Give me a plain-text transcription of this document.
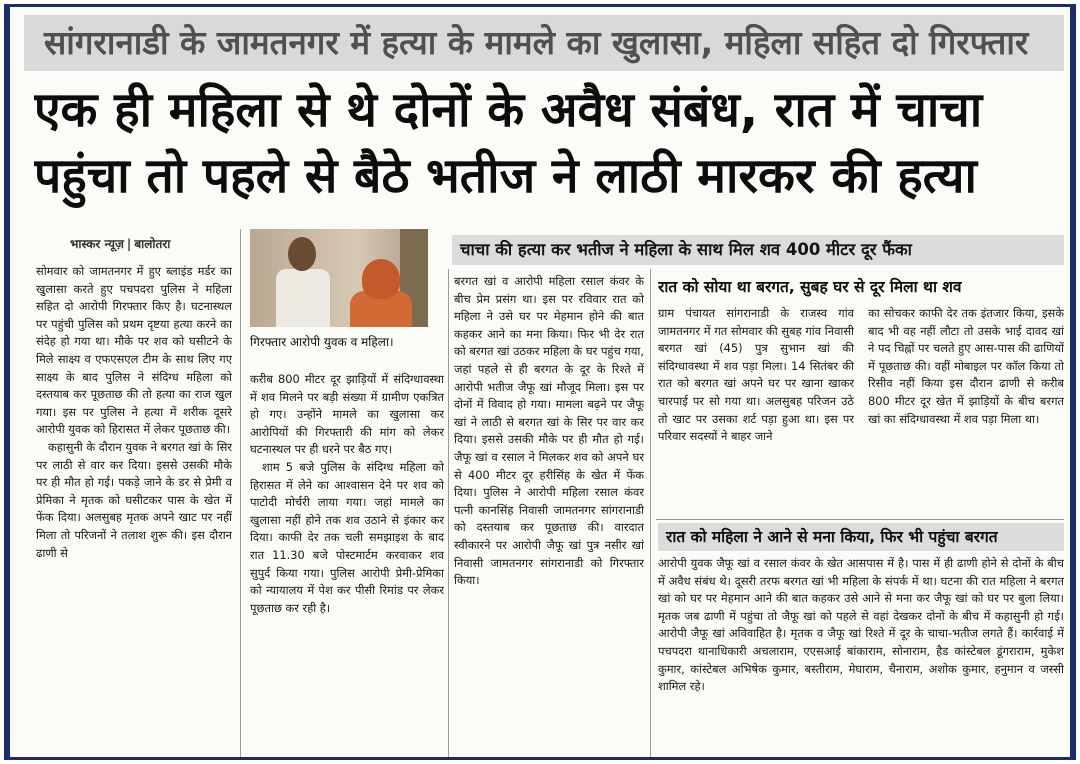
सांगरानाडी के जामतनगर में हत्या के मामले का खुलासा, महिला सहित दो गिरफ्तार
एक ही महिला से थे दोनों के अवैध संबंध, रात में चाचा
पहुंचा तो पहले से बैठे भतीज ने लाठी मारकर की हत्या
भास्कर न्यूज़ | बालोतरा
गिरफ्तार आरोपी युवक व महिला।

सोमवार को जामतनगर में हुए ब्लाइंड मर्डर का खुलासा करते हुए पचपदरा पुलिस ने महिला सहित दो आरोपी गिरफ्तार किए है। घटनास्थल पर पहुंची पुलिस को प्रथम दृष्टया हत्या करने का संदेह हो गया था। मौके पर शव को घसीटने के मिले साक्ष्य व एफएसएल टीम के साथ लिए गए साक्ष्य के बाद पुलिस ने संदिग्ध महिला को दस्तयाब कर पूछताछ की तो हत्या का राज खुल गया। इस पर पुलिस ने हत्या में शरीक दूसरे आरोपी युवक को हिरासत में लेकर पूछताछ की।

कहासुनी के दौरान युवक ने बरगत खां के सिर पर लाठी से वार कर दिया। इससे उसकी मौके पर ही मौत हो गई। पकड़े जाने के डर से प्रेमी व प्रेमिका ने मृतक को घसीटकर पास के खेत में फेंक दिया। अलसुबह मृतक अपने खाट पर नहीं मिला तो परिजनों ने तलाश शुरू की। इस दौरान ढाणी से

करीब 800 मीटर दूर झाड़ियों में संदिग्धावस्था में शव मिलने पर बड़ी संख्या में ग्रामीण एकत्रित हो गए। उन्होंने मामले का खुलासा कर आरोपियों की गिरफ्तारी की मांग को लेकर घटनास्थल पर ही धरने पर बैठ गए।

शाम 5 बजे पुलिस के संदिग्ध महिला को हिरासत में लेने का आश्वासन देने पर शव को पाटोदी मोर्चरी लाया गया। जहां मामले का खुलासा नहीं होने तक शव उठाने से इंकार कर दिया। काफी देर तक चली समझाइश के बाद रात 11.30 बजे पोस्टमार्टम करवाकर शव सुपुर्द किया गया। पुलिस आरोपी प्रेमी-प्रेमिका को न्यायालय में पेश कर पीसी रिमांड पर लेकर पूछताछ कर रही है।

चाचा की हत्या कर भतीज ने महिला के साथ मिल शव 400 मीटर दूर फैंका

बरगत खां व आरोपी महिला रसाल कंवर के बीच प्रेम प्रसंग था। इस पर रविवार रात को महिला ने उसे घर पर मेहमान होने की बात कहकर आने का मना किया। फिर भी देर रात को बरगत खां उठकर महिला के घर पहुंच गया, जहां पहले से ही बरगत के दूर के रिश्ते में आरोपी भतीज जैफू खां मौजूद मिला। इस पर दोनों में विवाद हो गया। मामला बढ़ने पर जैफू खां ने लाठी से बरगत खां के सिर पर वार कर दिया। इससे उसकी मौके पर ही मौत हो गई। जैफू खां व रसाल ने मिलकर शव को अपने घर से 400 मीटर दूर हरीसिंह के खेत में फेंक दिया। पुलिस ने आरोपी महिला रसाल कंवर पत्नी कानसिंह निवासी जामतनगर सांगरानाडी को दस्तयाब कर पूछताछ की। वारदात स्वीकारने पर आरोपी जैफू खां पुत्र नसीर खां निवासी जामतनगर सांगरानाडी को गिरफ्तार किया।

रात को सोया था बरगत, सुबह घर से दूर मिला था शव

ग्राम पंचायत सांगरानाडी के राजस्व गांव जामतनगर में गत सोमवार की सुबह गांव निवासी बरगत खां (45) पुत्र सुभान खां की संदिग्धावस्था में शव पड़ा मिला। 14 सितंबर की रात को बरगत खां अपने घर पर खाना खाकर चारपाई पर सो गया था। अलसुबह परिजन उठे तो खाट पर उसका शर्ट पड़ा हुआ था। इस पर परिवार सदस्यों ने बाहर जाने

का सोचकर काफी देर तक इंतजार किया, इसके बाद भी वह नहीं लौटा तो उसके भाई दावद खां ने पद चिह्नों पर चलते हुए आस-पास की ढाणियों में पूछताछ की। वहीं मोबाइल पर कॉल किया तो रिसीव नहीं किया इस दौरान ढाणी से करीब 800 मीटर दूर खेत में झाड़ियों के बीच बरगत खां का संदिग्धावस्था में शव पड़ा मिला था।

रात को महिला ने आने से मना किया, फिर भी पहुंचा बरगत

आरोपी युवक जैफू खां व रसाल कंवर के खेत आसपास में है। पास में ही ढाणी होने से दोनों के बीच में अवैध संबंध थे। दूसरी तरफ बरगत खां भी महिला के संपर्क में था। घटना की रात महिला ने बरगत खां को घर पर मेहमान आने की बात कहकर उसे आने से मना कर जैफू खां को घर पर बुला लिया। मृतक जब ढाणी में पहुंचा तो जैफू खां को पहले से वहां देखकर दोनों के बीच में कहासुनी हो गई। आरोपी जैफू खां अविवाहित है। मृतक व जैफू खां रिश्ते में दूर के चाचा-भतीज लगते हैं। कार्रवाई में पचपदरा थानाधिकारी अचलाराम, एएसआई बांकाराम, सोनाराम, हैड कांस्टेबल डूंगराराम, मुकेश कुमार, कांस्टेबल अभिषेक कुमार, बस्तीराम, मेघाराम, चैनाराम, अशोक कुमार, हनुमान व जस्सी शामिल रहे।
